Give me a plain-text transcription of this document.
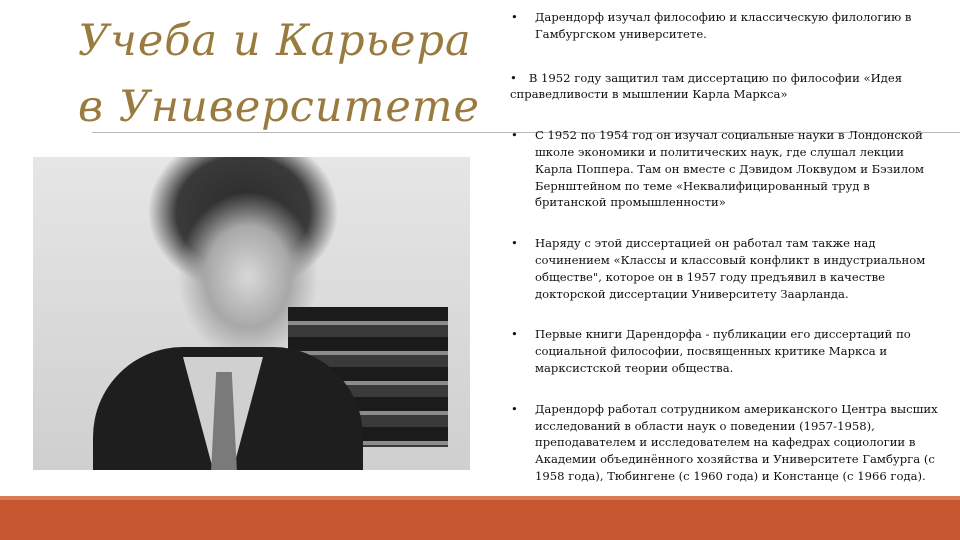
Учеба и Карьера
в Университете
• Дарендорф изучал философию и классическую филологию в Гамбургском университете.
• В 1952 году защитил там диссертацию по философии «Идея справедливости в мышлении Карла Маркса»
• С 1952 по 1954 год он изучал социальные науки в Лондонской школе экономики и политических наук, где слушал лекции Карла Поппера. Там он вместе с Дэвидом Локвудом и Бэзилом Бернштейном по теме «Неквалифицированный труд в британской промышленности»
• Наряду с этой диссертацией он работал там также над сочинением «Классы и классовый конфликт в индустриальном обществе", которое он в 1957 году предъявил в качестве докторской диссертации Университету Заарланда.
• Первые книги Дарендорфа - публикации его диссертаций по социальной философии, посвященных критике Маркса и марксистской теории общества.
• Дарендорф работал сотрудником американского Центра высших исследований в области наук о поведении (1957-1958), преподавателем и исследователем на кафедрах социологии в Академии объединённого хозяйства и Университете Гамбурга (с 1958 года), Тюбингене (с 1960 года) и Констанце (с 1966 года).
